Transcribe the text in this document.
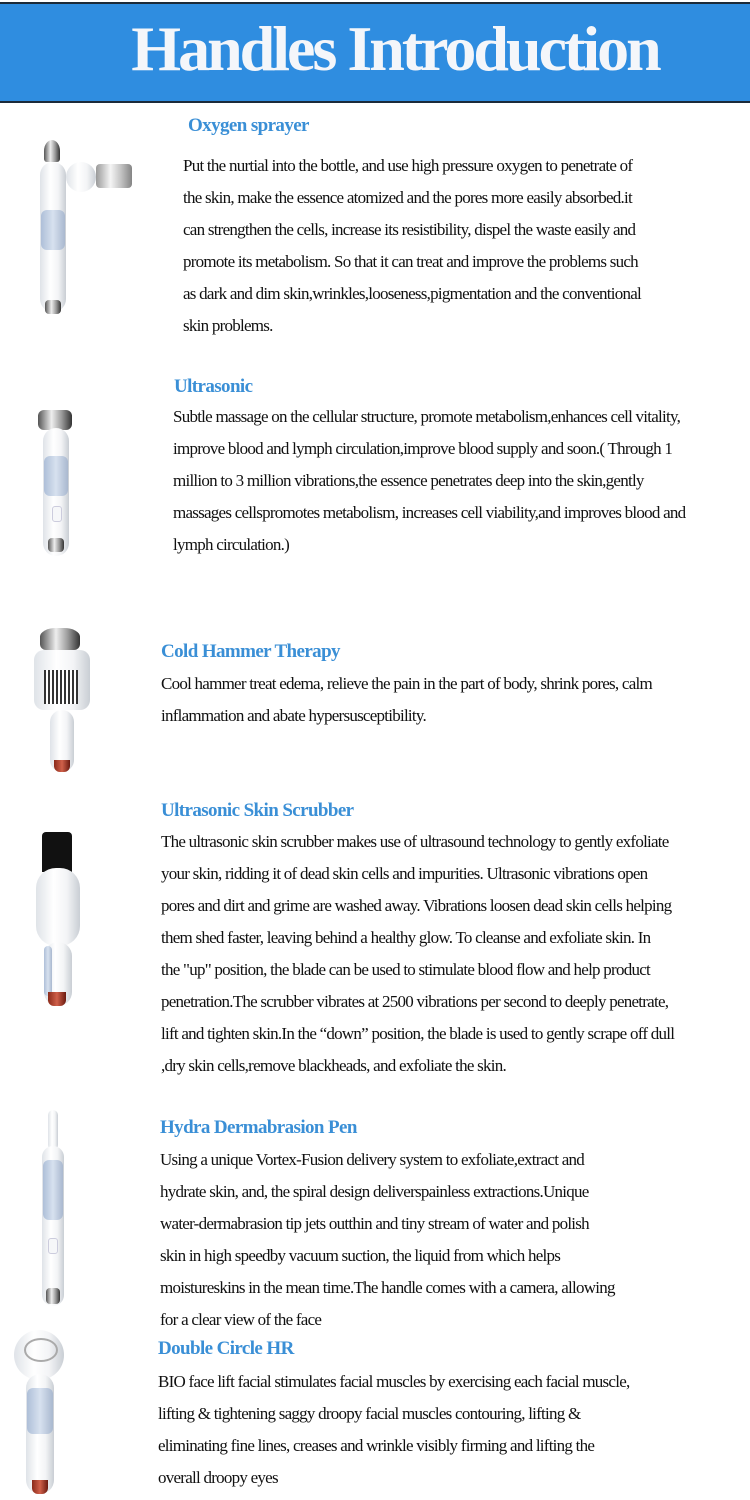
Handles Introduction
Oxygen sprayer
Put the nurtial into the bottle, and use high pressure oxygen to penetrate of
the skin, make the essence atomized and the pores more easily absorbed.it
can strengthen the cells, increase its resistibility, dispel the waste easily and
promote its metabolism. So that it can treat and improve the problems such
as dark and dim skin,wrinkles,looseness,pigmentation and the conventional
skin problems.
Ultrasonic
Subtle massage on the cellular structure, promote metabolism,enhances cell vitality,
improve blood and lymph circulation,improve blood supply and soon.( Through 1
million to 3 million vibrations,the essence penetrates deep into the skin,gently
massages cellspromotes metabolism, increases cell viability,and improves blood and
lymph circulation.)
Cold Hammer Therapy
Cool hammer treat edema, relieve the pain in the part of body, shrink pores, calm
inflammation and abate hypersusceptibility.
Ultrasonic Skin Scrubber
The ultrasonic skin scrubber makes use of ultrasound technology to gently exfoliate
your skin, ridding it of dead skin cells and impurities. Ultrasonic vibrations open
pores and dirt and grime are washed away. Vibrations loosen dead skin cells helping
them shed faster, leaving behind a healthy glow. To cleanse and exfoliate skin. In
the "up" position, the blade can be used to stimulate blood flow and help product
penetration.The scrubber vibrates at 2500 vibrations per second to deeply penetrate,
lift and tighten skin.In the “down” position, the blade is used to gently scrape off dull
,dry skin cells,remove blackheads, and exfoliate the skin.
Hydra Dermabrasion Pen
Using a unique Vortex-Fusion delivery system to exfoliate,extract and
hydrate skin, and, the spiral design deliverspainless extractions.Unique
water-dermabrasion tip jets outthin and tiny stream of water and polish
skin in high speedby vacuum suction, the liquid from which helps
moistureskins in the mean time.The handle comes with a camera, allowing
for a clear view of the face
Double Circle HR
BIO face lift facial stimulates facial muscles by exercising each facial muscle,
lifting & tightening saggy droopy facial muscles contouring, lifting &
eliminating fine lines, creases and wrinkle visibly firming and lifting the
overall droopy eyes
